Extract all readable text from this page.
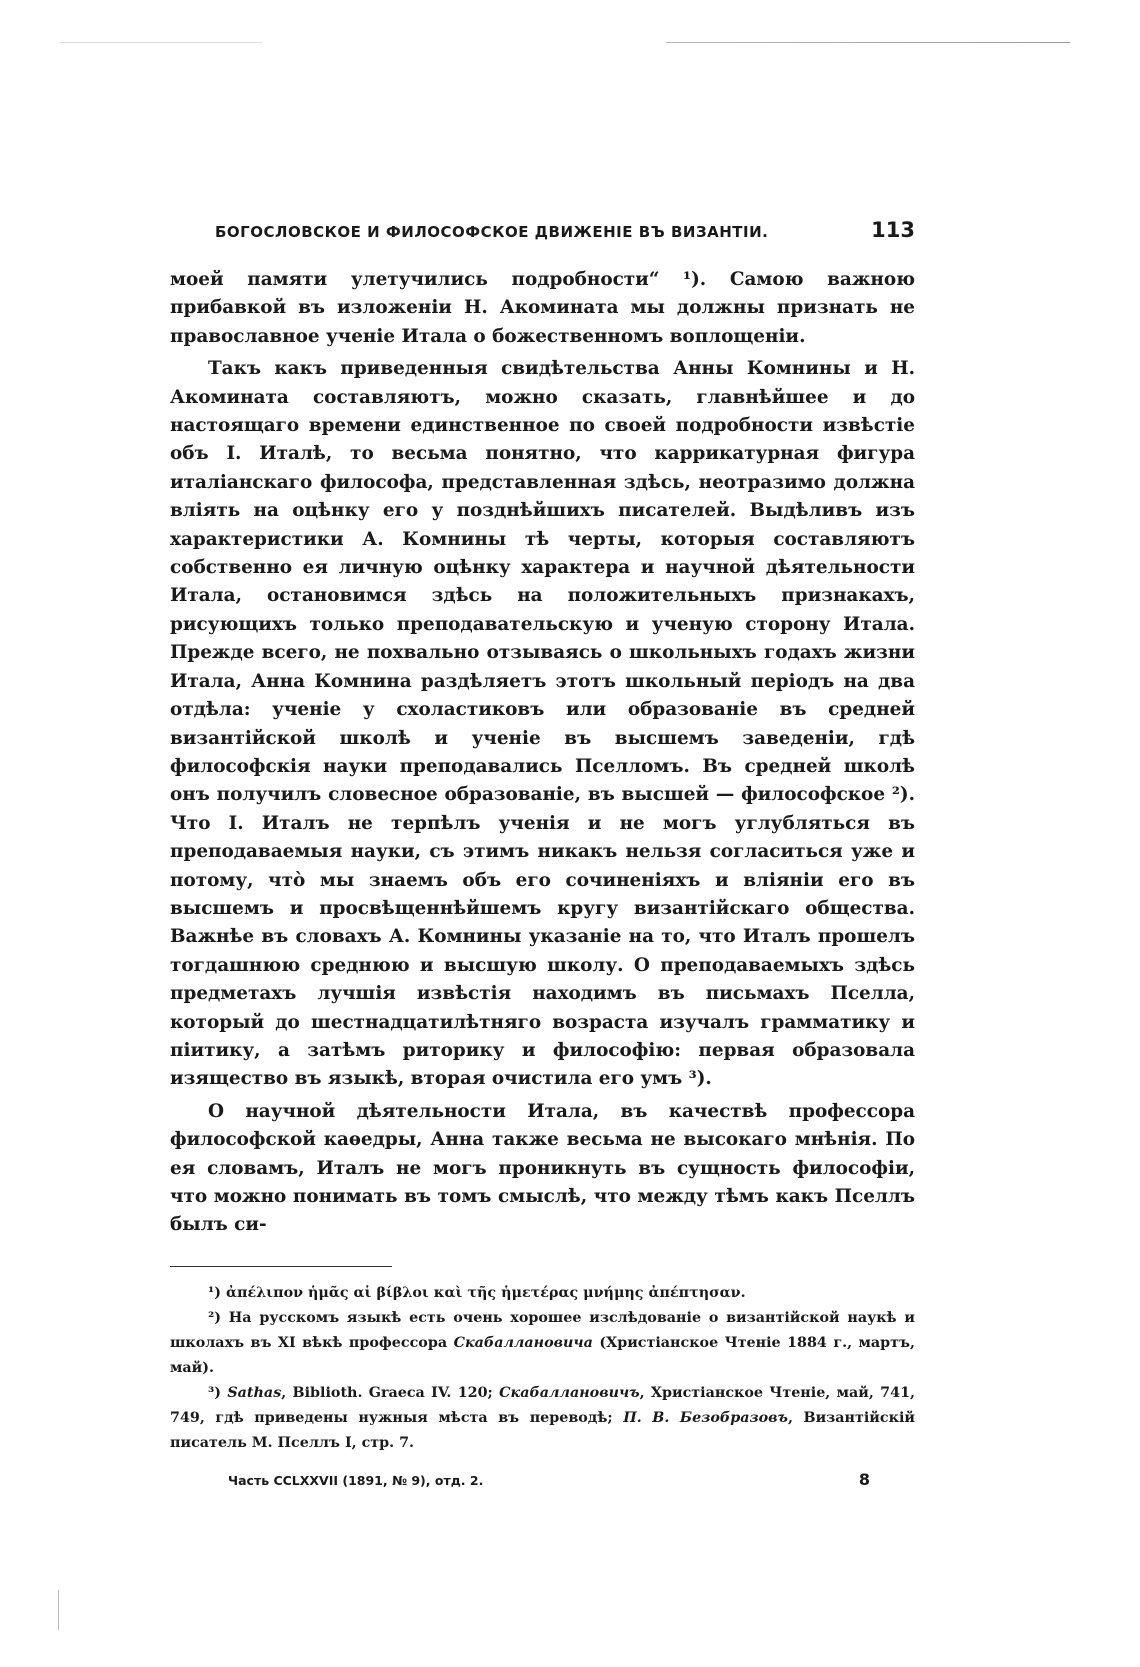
БОГОСЛОВСКОЕ И ФИЛОСОФСКОЕ ДВИЖЕНІЕ ВЪ ВИЗАНТІИ.	113

моей памяти улетучились подробности“ ¹). Самою важною прибавкой въ изложеніи Н. Акомината мы должны признать не православное ученіе Итала о божественномъ воплощеніи.

Такъ какъ приведенныя свидѣтельства Анны Комнины и Н. Акомината составляютъ, можно сказать, главнѣйшее и до настоящаго времени единственное по своей подробности извѣстіе объ І. Италѣ, то весьма понятно, что каррикатурная фигура италіанскаго философа, представленная здѣсь, неотразимо должна вліять на оцѣнку его у позднѣйшихъ писателей. Выдѣливъ изъ характеристики А. Комнины тѣ черты, которыя составляютъ собственно ея личную оцѣнку характера и научной дѣятельности Итала, остановимся здѣсь на положительныхъ признакахъ, рисующихъ только преподавательскую и ученую сторону Итала. Прежде всего, не похвально отзываясь о школьныхъ годахъ жизни Итала, Анна Комнина раздѣляетъ этотъ школьный періодъ на два отдѣла: ученіе у схоластиковъ или образованіе въ средней византійской школѣ и ученіе въ высшемъ заведеніи, гдѣ философскія науки преподавались Пселломъ. Въ средней школѣ онъ получилъ словесное образованіе, въ высшей — философское ²). Что І. Италъ не терпѣлъ ученія и не могъ углубляться въ преподаваемыя науки, съ этимъ никакъ нельзя согласиться уже и потому, что̀ мы знаемъ объ его сочиненіяхъ и вліяніи его въ высшемъ и просвѣщеннѣйшемъ кругу византійскаго общества. Важнѣе въ словахъ А. Комнины указаніе на то, что Италъ прошелъ тогдашнюю среднюю и высшую школу. О преподаваемыхъ здѣсь предметахъ лучшія извѣстія находимъ въ письмахъ Пселла, который до шестнадцатилѣтняго возраста изучалъ грамматику и піитику, а затѣмъ риторику и философію: первая образовала изящество въ языкѣ, вторая очистила его умъ ³).

О научной дѣятельности Итала, въ качествѣ профессора философской каѳедры, Анна также весьма не высокаго мнѣнія. По ея словамъ, Италъ не могъ проникнуть въ сущность философіи, что можно понимать въ томъ смыслѣ, что между тѣмъ какъ Пселлъ былъ си-

¹) ἀπέλιπον ἡμᾶς αἱ βίβλοι καὶ τῆς ἡμετέρας μνήμης ἀπέπτησαν.

²) На русскомъ языкѣ есть очень хорошее изслѣдованіе о византійской наукѣ и школахъ въ XI вѣкѣ профессора Скабаллановича (Христіанское Чтеніе 1884 г., мартъ, май).

³) Sathas, Biblioth. Graeca IV. 120; Скабаллановичъ, Христіанское Чтеніе, май, 741, 749, гдѣ приведены нужныя мѣста въ переводѣ; П. В. Безобразовъ, Византійскій писатель М. Пселлъ I, стр. 7.

Часть CCLXXVII (1891, № 9), отд. 2.	8
